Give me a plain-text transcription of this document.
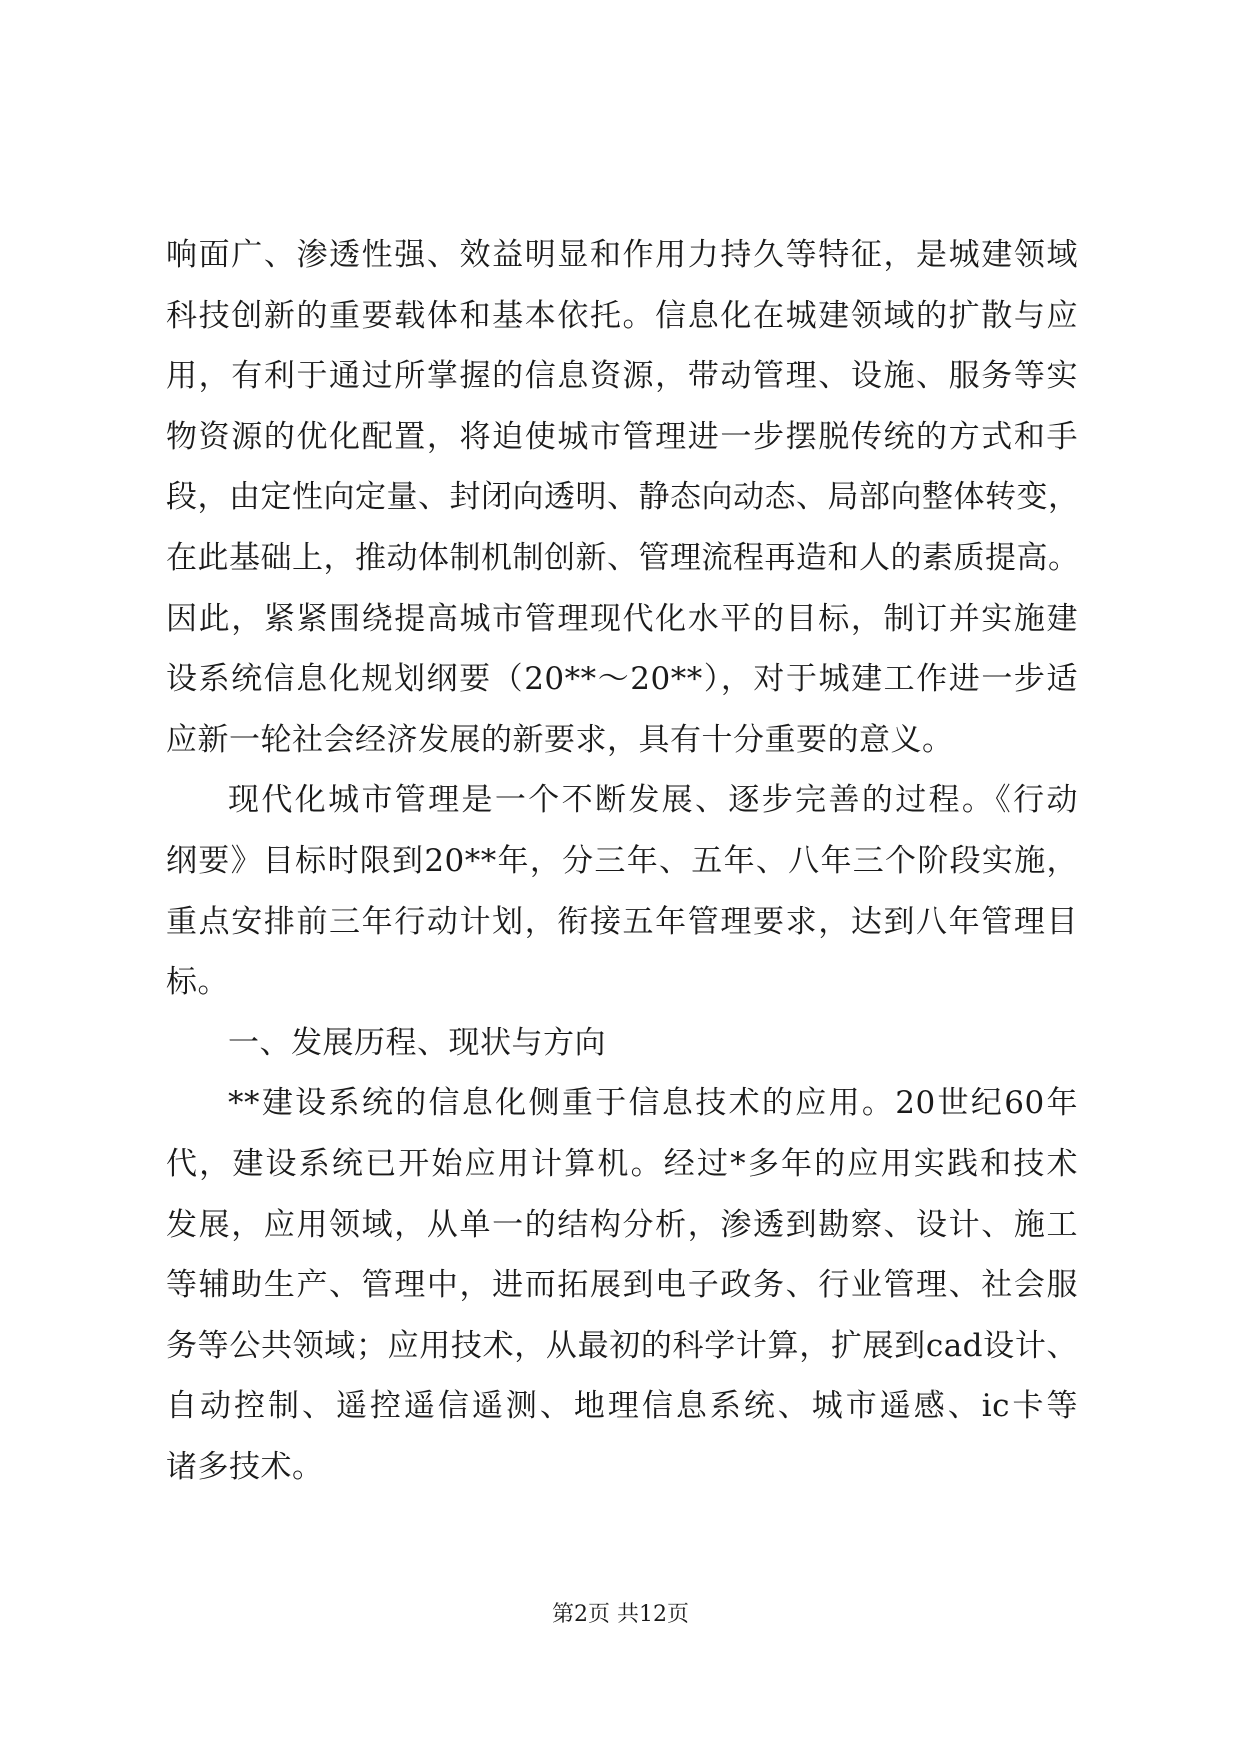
响面广、渗透性强、效益明显和作用力持久等特征，是城建领域
科技创新的重要载体和基本依托。信息化在城建领域的扩散与应
用，有利于通过所掌握的信息资源，带动管理、设施、服务等实
物资源的优化配置，将迫使城市管理进一步摆脱传统的方式和手
段，由定性向定量、封闭向透明、静态向动态、局部向整体转变，
在此基础上，推动体制机制创新、管理流程再造和人的素质提高。
因此，紧紧围绕提高城市管理现代化水平的目标，制订并实施建
设系统信息化规划纲要（20**～20**），对于城建工作进一步适
应新一轮社会经济发展的新要求，具有十分重要的意义。
现代化城市管理是一个不断发展、逐步完善的过程。《行动
纲要》目标时限到20**年，分三年、五年、八年三个阶段实施，
重点安排前三年行动计划，衔接五年管理要求，达到八年管理目
标。
一、发展历程、现状与方向
**建设系统的信息化侧重于信息技术的应用。20世纪60年
代，建设系统已开始应用计算机。经过*多年的应用实践和技术
发展，应用领域，从单一的结构分析，渗透到勘察、设计、施工
等辅助生产、管理中，进而拓展到电子政务、行业管理、社会服
务等公共领域；应用技术，从最初的科学计算，扩展到cad设计、
自动控制、遥控遥信遥测、地理信息系统、城市遥感、ic卡等
诸多技术。
第2页 共12页
